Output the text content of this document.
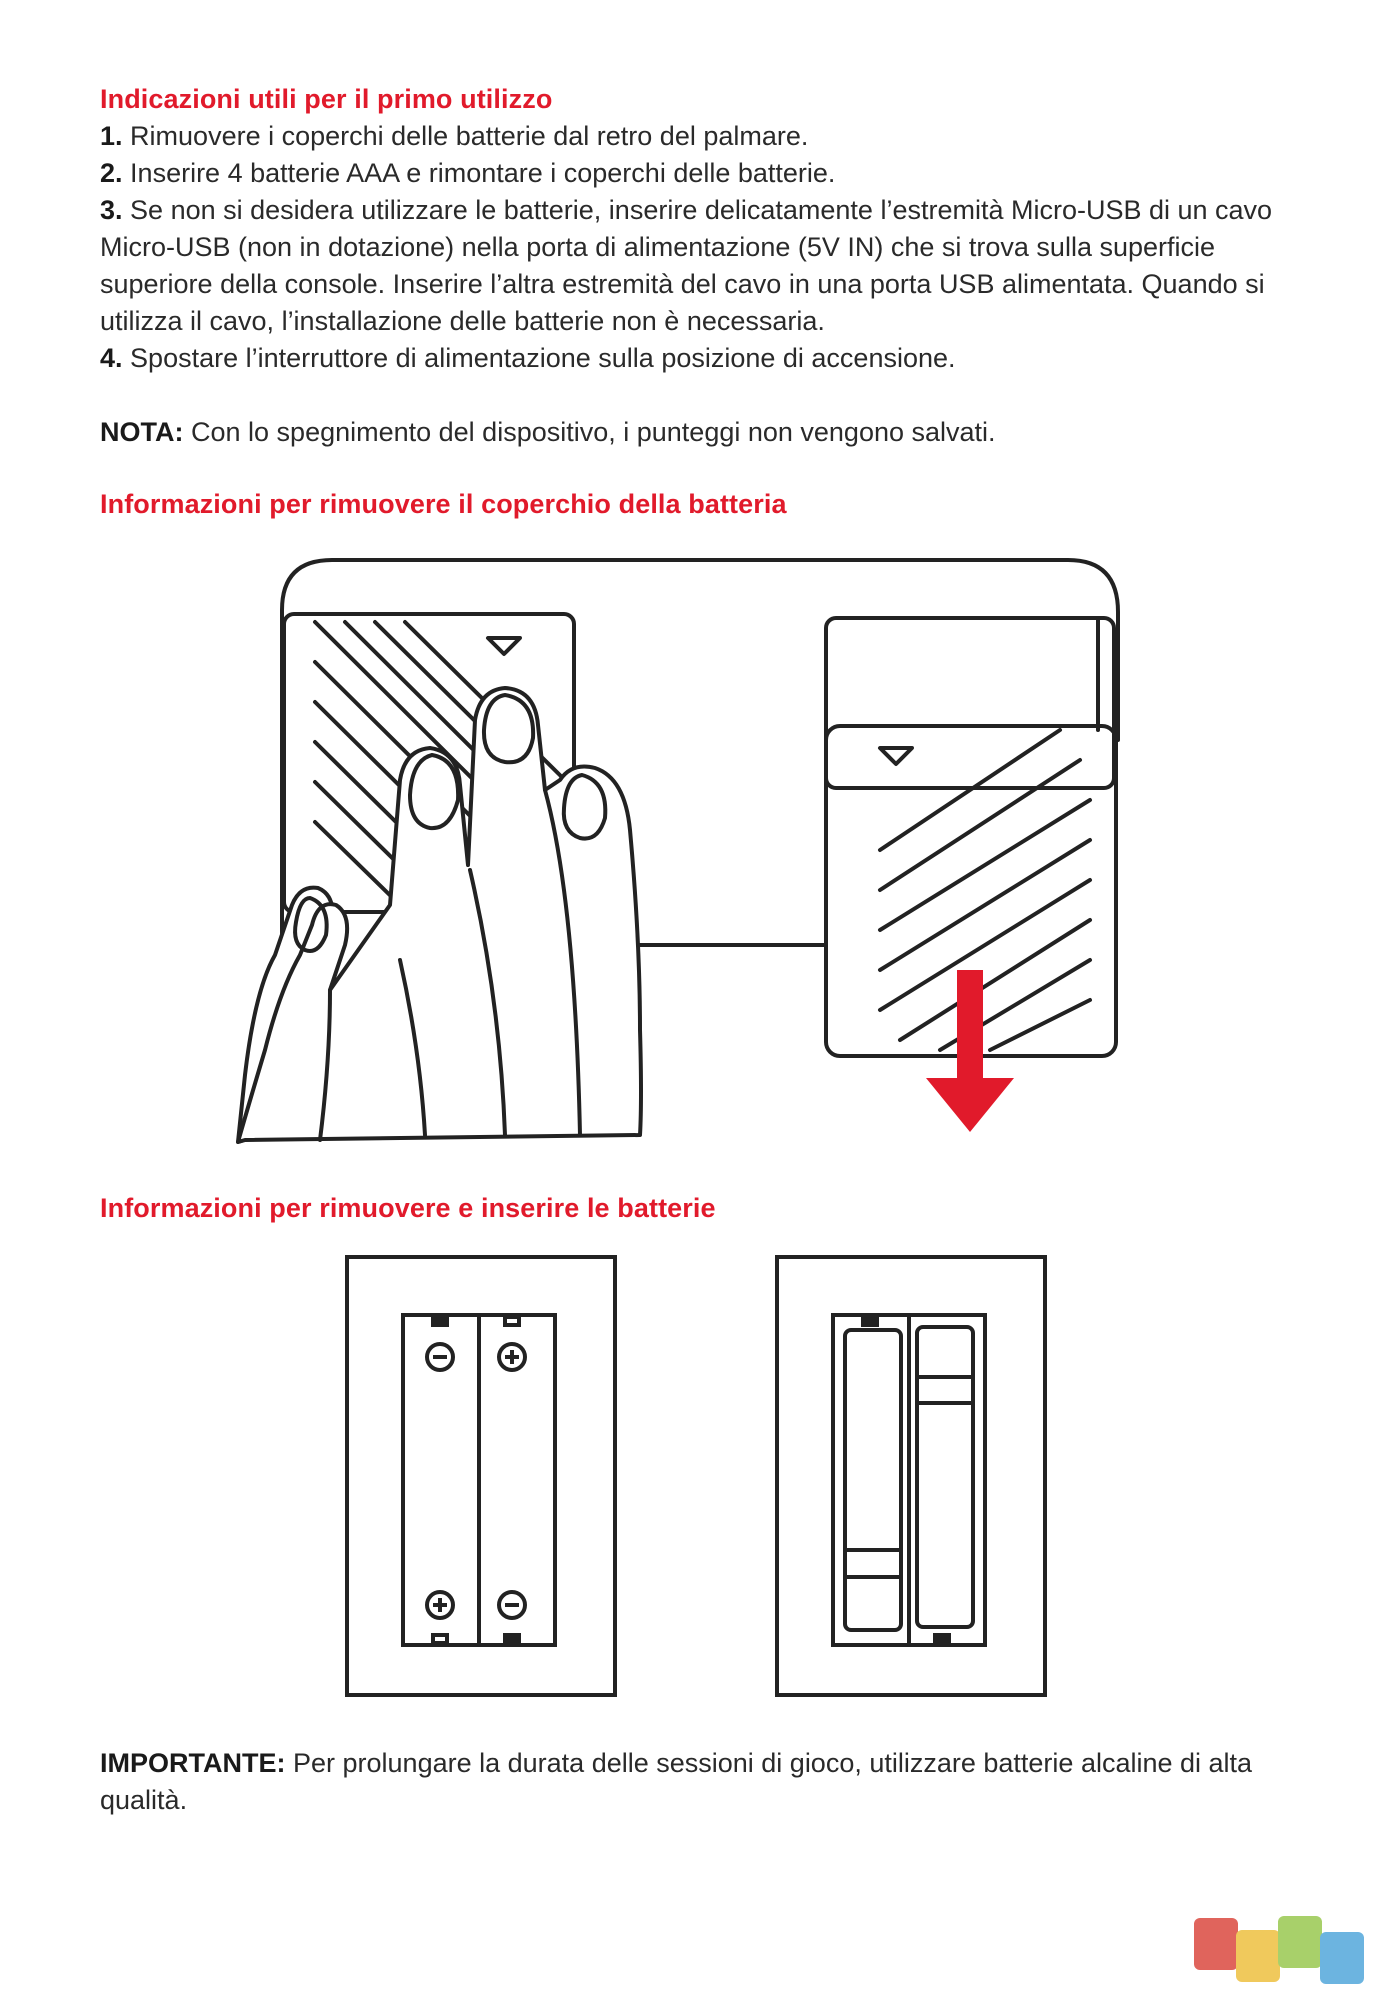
Indicazioni utili per il primo utilizzo

1. Rimuovere i coperchi delle batterie dal retro del palmare.

2. Inserire 4 batterie AAA e rimontare i coperchi delle batterie.

3. Se non si desidera utilizzare le batterie, inserire delicatamente l’estremità Micro-USB di un cavo Micro-USB (non in dotazione) nella porta di alimentazione (5V IN) che si trova sulla superficie superiore della console. Inserire l’altra estremità del cavo in una porta USB alimentata. Quando si utilizza il cavo, l’installazione delle batterie non è necessaria.

4. Spostare l’interruttore di alimentazione sulla posizione di accensione.

NOTA: Con lo spegnimento del dispositivo, i punteggi non vengono salvati.

Informazioni per rimuovere il coperchio della batteria
Informazioni per rimuovere e inserire le batterie

IMPORTANTE: Per prolungare la durata delle sessioni di gioco, utilizzare batterie alcaline di alta qualità.
